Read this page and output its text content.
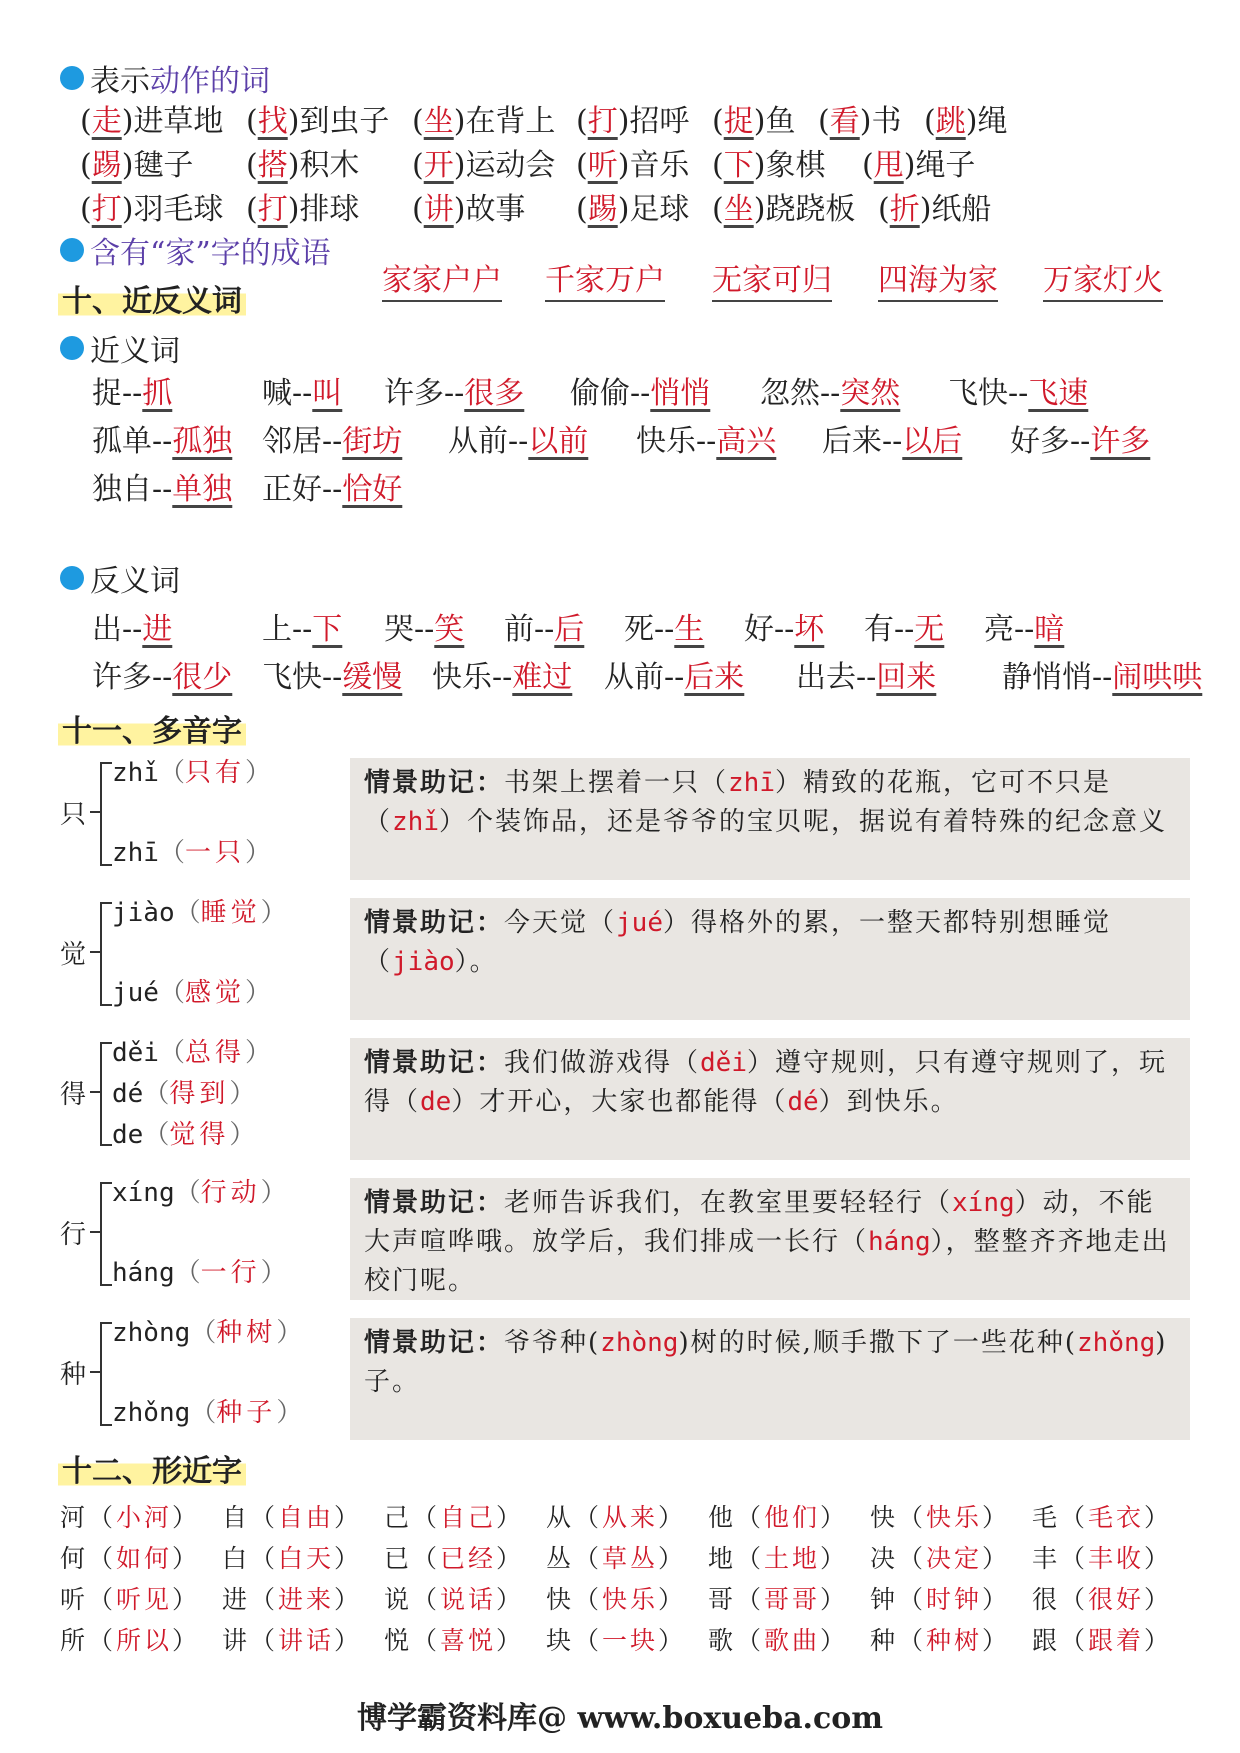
表示 动作的词
(走)进草地 (找)到虫子 (坐)在背上 (打)招呼 (捉)鱼 (看)书 (跳)绳
(踢)毽子 (搭)积木 (开)运动会 (听)音乐 (下)象棋 (甩)绳子
(打)羽毛球 (打)排球 (讲)故事 (踢)足球 (坐)跷跷板 (折)纸船
含有“家”字的成语
家家户户 千家万户 无家可归 四海为家 万家灯火
十、近反义词
近义词
捉--抓	喊--叫 许多--很多 偷偷--悄悄 忽然--突然 飞快--飞速
孤单--孤独 邻居--街坊 从前--以前 快乐--高兴 后来--以后 好多--许多
独自--单独 正好--恰好
反义词
出--进	上--下 哭--笑 前--后 死--生 好--坏 有--无 亮--暗
许多--很少 飞快--缓慢 快乐--难过 从前--后来 出去--回来 静悄悄--闹哄哄
十一、多音字
只
zhǐ（只有）
zhī（一只）
情景助记：书架上摆着一只（zhī）精致的花瓶，它可不只是（zhǐ）个装饰品，还是爷爷的宝贝呢，据说有着特殊的纪念意义
觉
jiào（睡觉）
jué（感觉）
情景助记：今天觉（jué）得格外的累，一整天都特别想睡觉（jiào）。
得
děi（总得）
dé（得到）
de（觉得）
情景助记：我们做游戏得（děi）遵守规则，只有遵守规则了，玩得（de）才开心，大家也都能得（dé）到快乐。
行
xíng（行动）
háng（一行）
情景助记：老师告诉我们，在教室里要轻轻行（xíng）动，不能大声喧哗哦。放学后，我们排成一长行（háng），整整齐齐地走出校门呢。
种
zhòng（种树）
zhǒng（种子）
情景助记：爷爷种(zhòng)树的时候,顺手撒下了一些花种(zhǒng)子。
十二、形近字
河（小河） 自（自由） 己（自己） 从（从来） 他（他们） 快（快乐） 毛（毛衣）
何（如何） 白（白天） 已（已经） 丛（草丛） 地（土地） 决（决定） 丰（丰收）
听（听见） 进（进来） 说（说话） 快（快乐） 哥（哥哥） 钟（时钟） 很（很好）
所（所以） 讲（讲话） 悦（喜悦） 块（一块） 歌（歌曲） 种（种树） 跟（跟着）
博学霸资料库@ www.boxueba.com
